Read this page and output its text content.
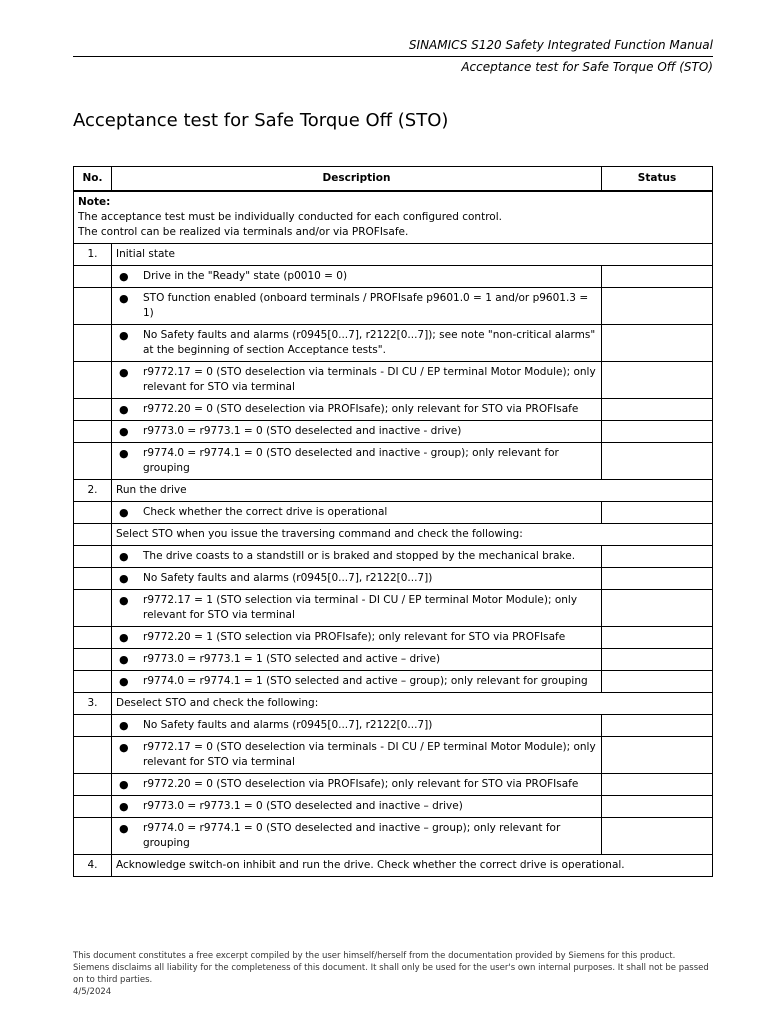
SINAMICS S120 Safety Integrated Function Manual
Acceptance test for Safe Torque Off (STO)
Acceptance test for Safe Torque Off (STO)
No.	Description	Status

Note:
The acceptance test must be individually conducted for each configured control.
The control can be realized via terminals and/or via PROFIsafe.		

1.	Initial state	

	● Drive in the "Ready" state (p0010 = 0)	

	● STO function enabled (onboard terminals / PROFIsafe p9601.0 = 1 and/or p9601.3 = 1)	

	● No Safety faults and alarms (r0945[0...7], r2122[0...7]); see note "non-critical alarms" at the beginning of section Acceptance tests".	

	● r9772.17 = 0 (STO deselection via terminals - DI CU / EP terminal Motor Module); only relevant for STO via terminal	

	● r9772.20 = 0 (STO deselection via PROFIsafe); only relevant for STO via PROFIsafe	

	● r9773.0 = r9773.1 = 0 (STO deselected and inactive - drive)	

	● r9774.0 = r9774.1 = 0 (STO deselected and inactive - group); only relevant for grouping	

2.	Run the drive	

	● Check whether the correct drive is operational	

	Select STO when you issue the traversing command and check the following:	

	● The drive coasts to a standstill or is braked and stopped by the mechanical brake.	

	● No Safety faults and alarms (r0945[0...7], r2122[0...7])	

	● r9772.17 = 1 (STO selection via terminal - DI CU / EP terminal Motor Module); only relevant for STO via terminal	

	● r9772.20 = 1 (STO selection via PROFIsafe); only relevant for STO via PROFIsafe	

	● r9773.0 = r9773.1 = 1 (STO selected and active – drive)	

	● r9774.0 = r9774.1 = 1 (STO selected and active – group); only relevant for grouping	

3.	Deselect STO and check the following:	

	● No Safety faults and alarms (r0945[0...7], r2122[0...7])	

	● r9772.17 = 0 (STO deselection via terminals - DI CU / EP terminal Motor Module); only relevant for STO via terminal	

	● r9772.20 = 0 (STO deselection via PROFIsafe); only relevant for STO via PROFIsafe	

	● r9773.0 = r9773.1 = 0 (STO deselected and inactive – drive)	

	● r9774.0 = r9774.1 = 0 (STO deselected and inactive – group); only relevant for grouping	

4.	Acknowledge switch-on inhibit and run the drive. Check whether the correct drive is operational.	
This document constitutes a free excerpt compiled by the user himself/herself from the documentation provided by Siemens for this product. Siemens disclaims all liability for the completeness of this document. It shall only be used for the user's own internal purposes. It shall not be passed on to third parties.
4/5/2024
